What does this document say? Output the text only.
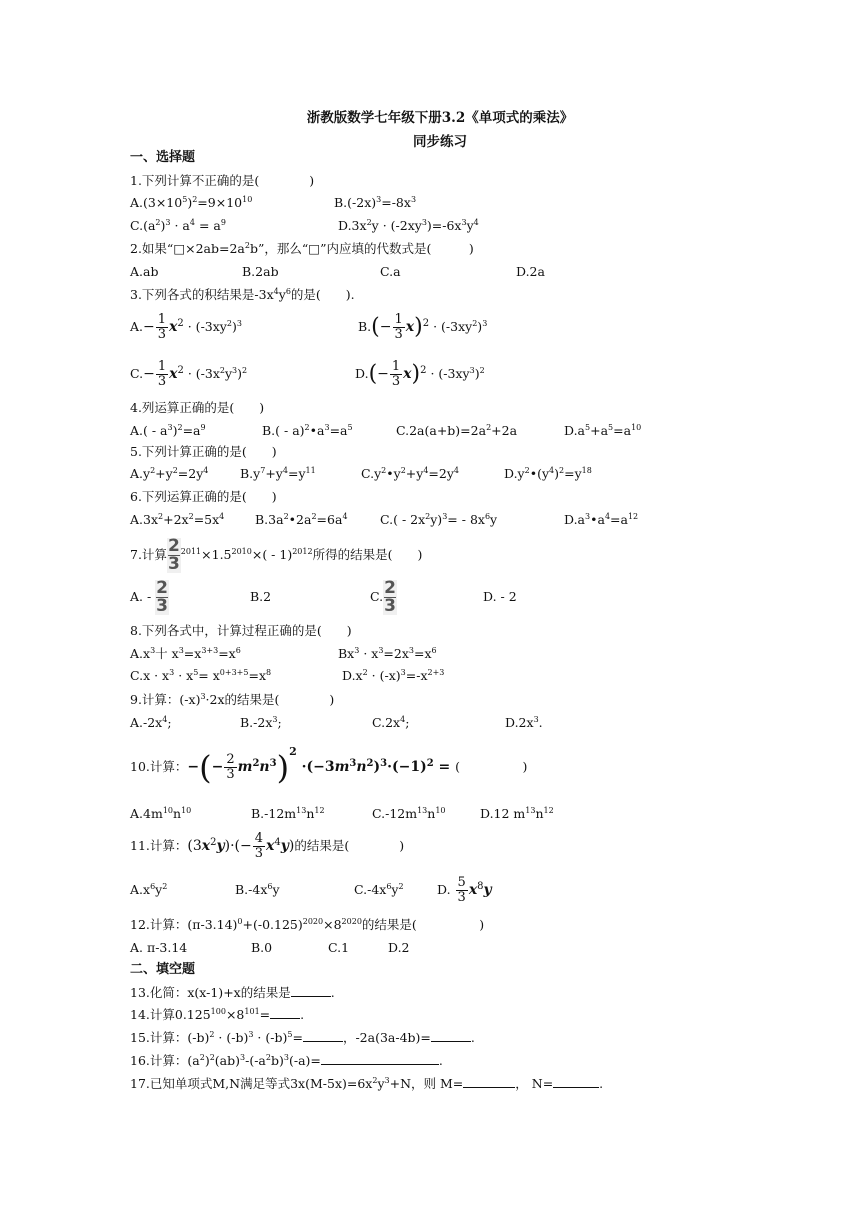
浙教版数学七年级下册3.2《单项式的乘法》
同步练习
一、选择题
1.下列计算不正确的是(　　　　)
$A.(3\times 10^5)^2=9\times 10^{10}$	$B.(-2x)^3=-8x^3$
$C.(a^2)^3 \cdot a^4 = a^9$	$D.3x^2y \cdot (-2xy^3)=-6x^3y^4$
2.如果“$□\times 2ab=2a^2b$”，那么“□”内应填的代数式是(　　　)
A.ab	B.2ab	C.a	D.2a
3.下列各式的积结果是$-3x^4y^6$的是(　　).
$A.- \frac{1}{3} x^2 \cdot (-3xy^2)^3$	$B.(- \frac{1}{3} x)^2 \cdot (-3xy^2)^3$
$C.- \frac{1}{3} x^2 \cdot (-3x^2y^3)^2$	$D.(- \frac{1}{3} x)^2 \cdot (-3xy^3)^2$
4.列运算正确的是(　　)
$A.( - a^3)^2=a^9$	$B.( - a)^2•a^3=a^5$	$C.2a(a+b)=2a^2+2a$	$D.a^5+a^5=a^{10}$
5.下列计算正确的是(　　)
$A.y^2+y^2=2y^4$	$B.y^7+y^4=y^{11}$	$C.y^2•y^2+y^4=2y^4$	$D.y^2•(y^4)^2=y^{18}$
6.下列运算正确的是(　　)
$A.3x^2+2x^2=5x^4$ $B.3a^2•2a^2=6a^4$	$C.( - 2x^2y)^3= - 8x^6y$	$D.a^3•a^4=a^{12}$
7.计算 $\frac{2}{3} ^{2011}\times 1.5^{2010}\times( - 1)^{2012}$所得的结果是(　　)
A. - $\frac{2}{3}$	B.2	C. $\frac{2}{3}$	D. - 2
8.下列各式中，计算过程正确的是(　　)
$A.x^3$十 $x^3=x^{3+3}=x^6$	$Bx^3 \cdot x^3=2x^3=x^6$
$C.x \cdot x^3 \cdot x^5= x^{0+3+5}=x^8$	$D.x^2 \cdot (-x)^3=-x^{2+3}$
9.计算：$(-x)^3\cdot 2x$的结果是(　　　　)
$A.-2x^4$;	$B.-2x^3$;	$C.2x^4$;	$D.2x^3$.
10.计算：−(− $\frac{2}{3} m^2n^3)^2 \cdot(-3m^3n^2)^3\cdot(-1)^2$ = (　　　　　)
$A.4m^{10}n^{10}$	$B.-12m^{13}n^{12}$	$C.-12m^{13}n^{10}$	D.12 $m^{13}n^{12}$
11.计算：$(3x^2y)\cdot(- \frac{4}{3} x^4y)$的结果是(　　　　)
$A.x^6y^2$	$B.-4x^6y$	$C.-4x^6y^2$	D. $\frac{5}{3} x^8y$
12.计算：$(\pi-3.14)^0+(-0.125)^{2020}\times 8^{2020}$的结果是(　　　　　)
A. π-3.14	B.0	C.1	D.2
二、填空题
13.化简：x(x-1)+x的结果是	.
14.计算$0.125^{100}\times 8^{101}=$ .
15.计算：$(-b)^2 \cdot (-b)^3 \cdot (-b)^5=$	，-2a(3a-4b)=	.
16.计算：$(a^2)^2(ab)^3-(-a^2b)^3(-a)=$	.
17.已知单项式M,N满足等式$3x(M-5x)=6x^2y^3+N$，则 M=	， N=	.
